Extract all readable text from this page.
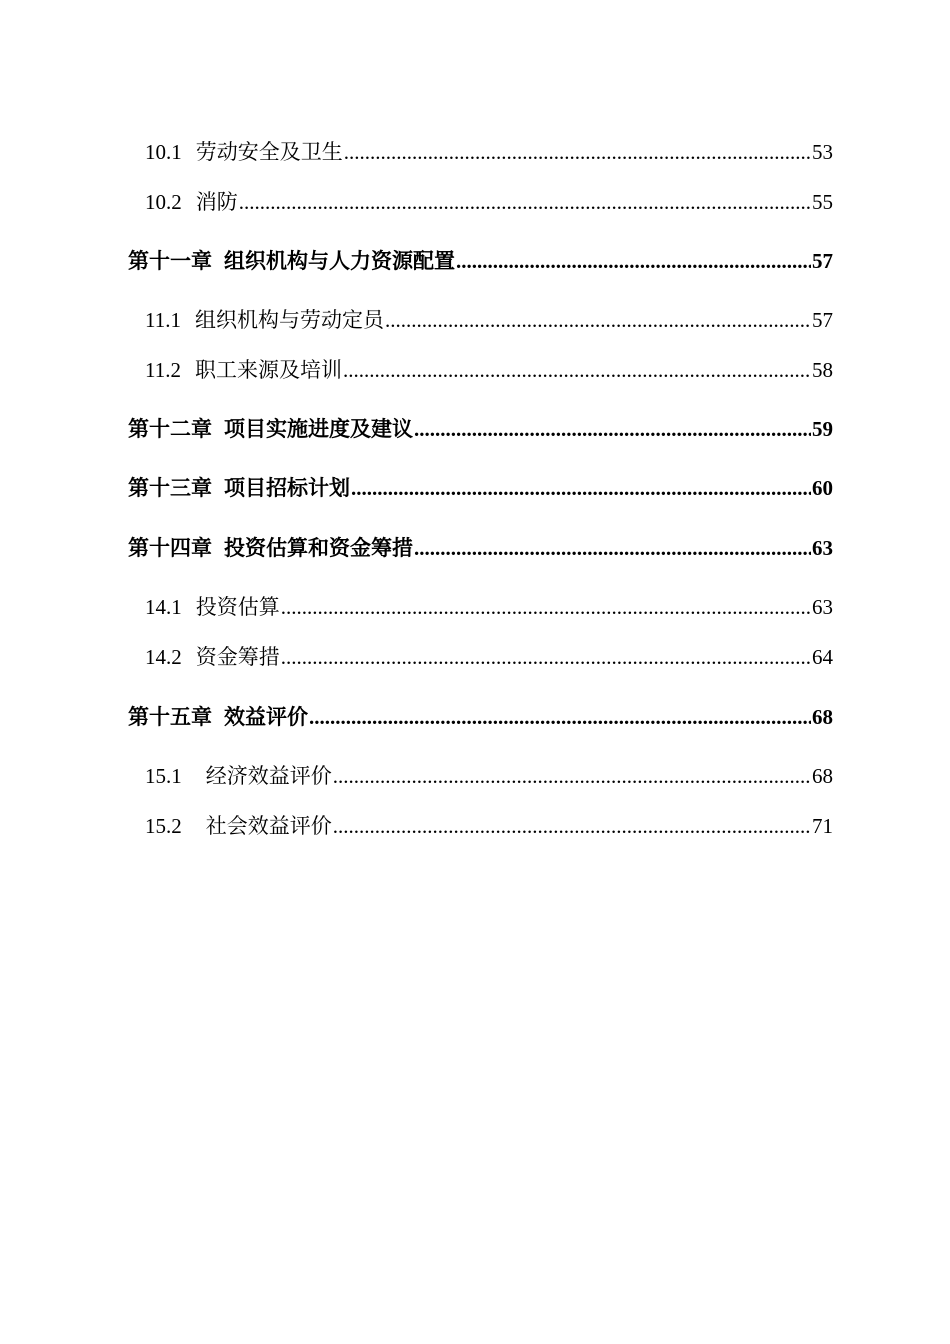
10.1 劳动安全及卫生 .....	53
10.2 消防 .....	55
第十一章 组织机构与人力资源配置 .....	57
11.1 组织机构与劳动定员 .....	57
11.2 职工来源及培训 .....	58
第十二章 项目实施进度及建议 .....	59
第十三章 项目招标计划 .....	60
第十四章 投资估算和资金筹措 .....	63
14.1 投资估算 .....	63
14.2 资金筹措 .....	64
第十五章 效益评价 .....	68
15.1 经济效益评价 .....	68
15.2 社会效益评价 .....	71
